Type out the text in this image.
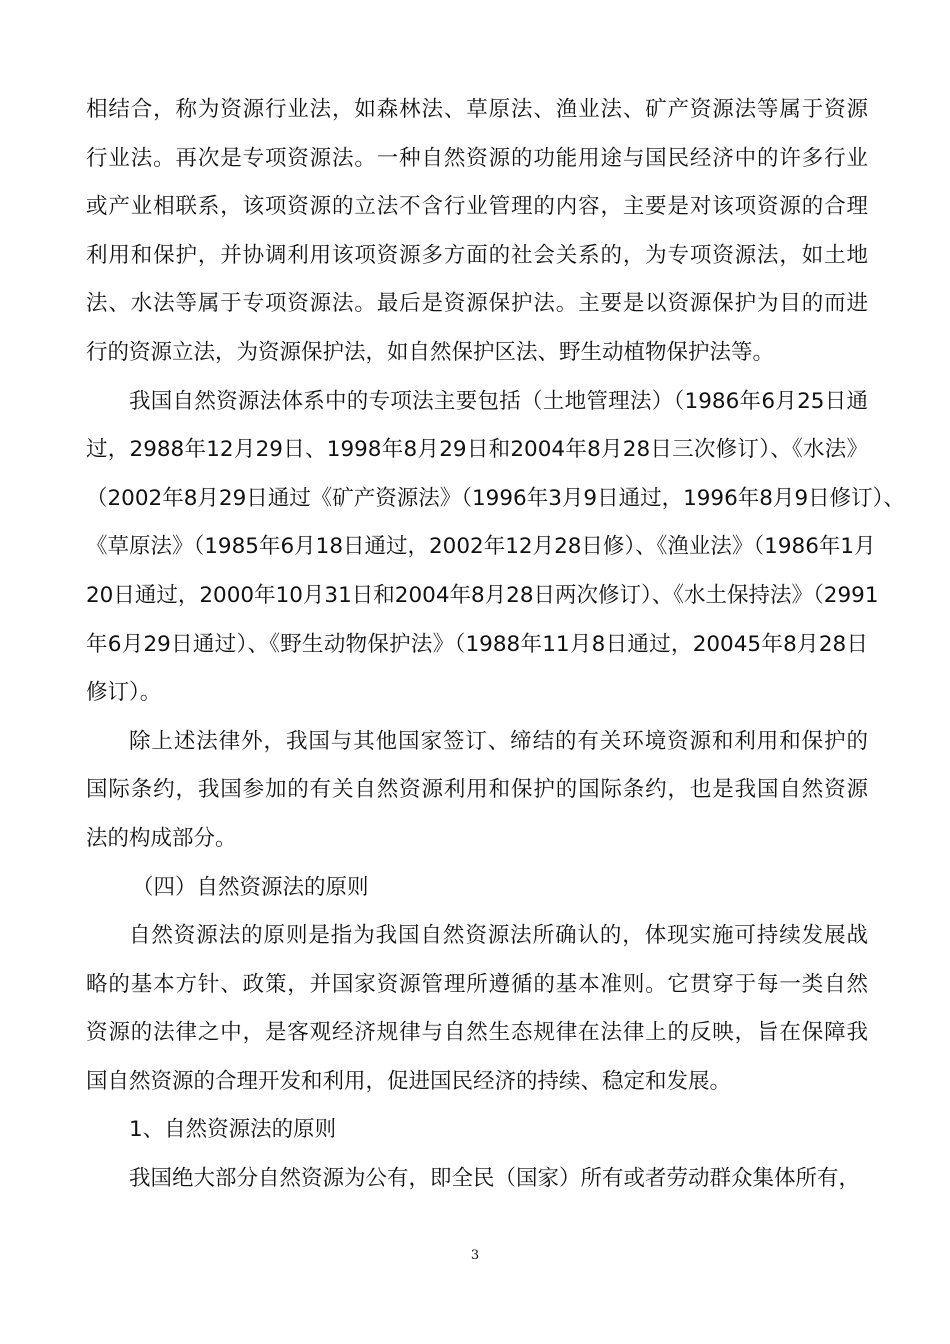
相结合，称为资源行业法，如森林法、草原法、渔业法、矿产资源法等属于资源
行业法。再次是专项资源法。一种自然资源的功能用途与国民经济中的许多行业
或产业相联系，该项资源的立法不含行业管理的内容，主要是对该项资源的合理
利用和保护，并协调利用该项资源多方面的社会关系的，为专项资源法，如土地
法、水法等属于专项资源法。最后是资源保护法。主要是以资源保护为目的而进
行的资源立法，为资源保护法，如自然保护区法、野生动植物保护法等。
我国自然资源法体系中的专项法主要包括（土地管理法）（1986年6月25日通
过，2988年12月29日、1998年8月29日和2004年8月28日三次修订）、《水法》
（2002年8月29日通过《矿产资源法》（1996年3月9日通过，1996年8月9日修订）、
《草原法》（1985年6月18日通过，2002年12月28日修）、《渔业法》（1986年1月
20日通过，2000年10月31日和2004年8月28日两次修订）、《水土保持法》（2991
年6月29日通过）、《野生动物保护法》（1988年11月8日通过，20045年8月28日
修订）。
除上述法律外，我国与其他国家签订、缔结的有关环境资源和利用和保护的
国际条约，我国参加的有关自然资源利用和保护的国际条约，也是我国自然资源
法的构成部分。
（四）自然资源法的原则
自然资源法的原则是指为我国自然资源法所确认的，体现实施可持续发展战
略的基本方针、政策，并国家资源管理所遵循的基本准则。它贯穿于每一类自然
资源的法律之中，是客观经济规律与自然生态规律在法律上的反映，旨在保障我
国自然资源的合理开发和利用，促进国民经济的持续、稳定和发展。
1、自然资源法的原则
我国绝大部分自然资源为公有，即全民（国家）所有或者劳动群众集体所有，
3
